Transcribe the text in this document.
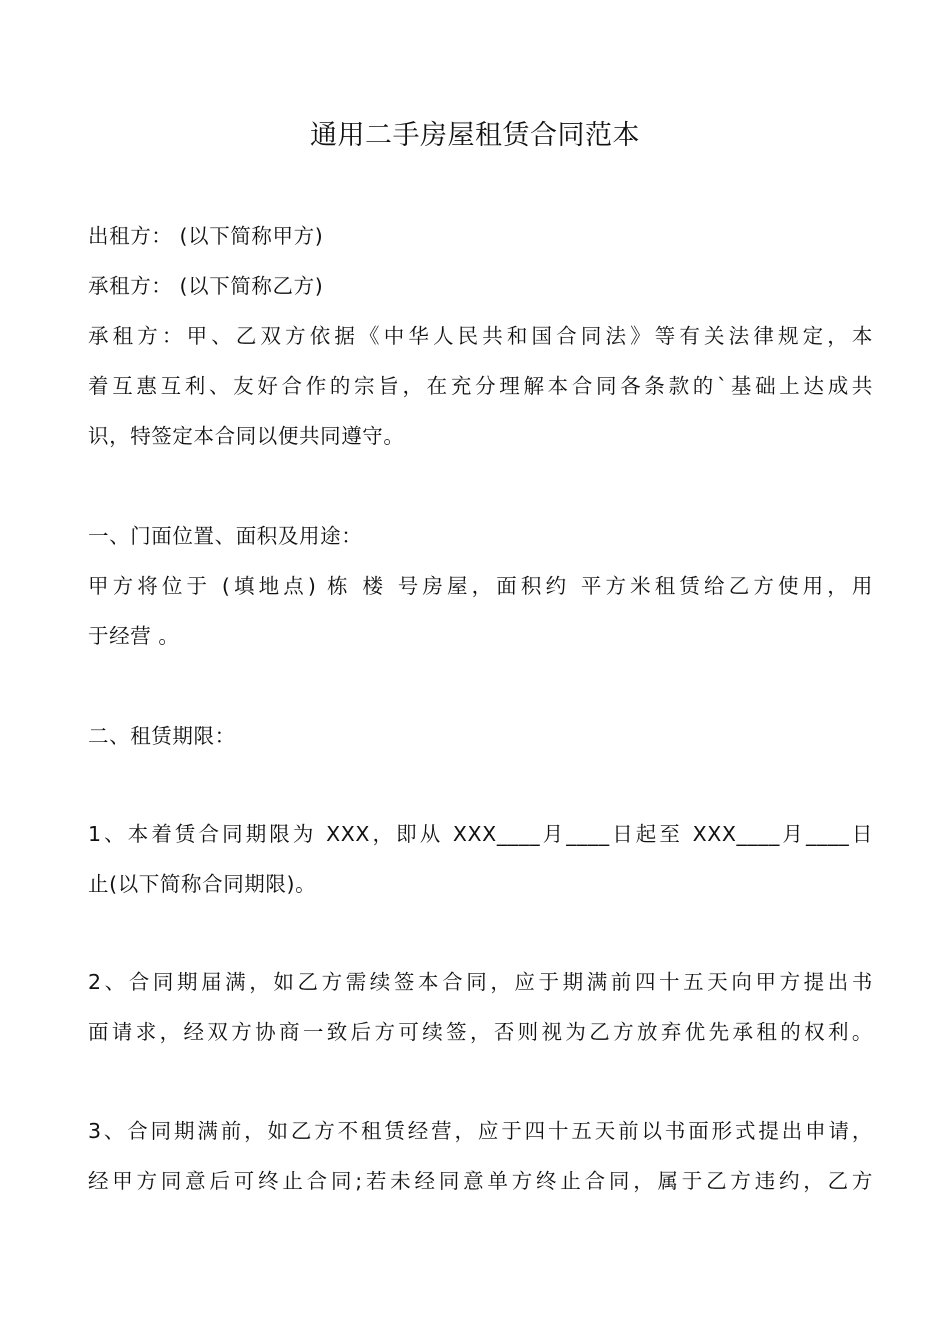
通用二手房屋租赁合同范本
出租方： (以下简称甲方)
承租方： (以下简称乙方)
承租方：甲、乙双方依据《中华人民共和国合同法》等有关法律规定，本
着互惠互利、友好合作的宗旨，在充分理解本合同各条款的`基础上达成共
识，特签定本合同以便共同遵守。
一、门面位置、面积及用途：
甲方将位于 (填地点) 栋 楼 号房屋，面积约 平方米租赁给乙方使用，用
于经营 。
二、租赁期限：
1、本着赁合同期限为 XXX，即从 XXX____月____日起至 XXX____月____日
止(以下简称合同期限)。
2、合同期届满，如乙方需续签本合同，应于期满前四十五天向甲方提出书
面请求，经双方协商一致后方可续签，否则视为乙方放弃优先承租的权利。
3、合同期满前，如乙方不租赁经营，应于四十五天前以书面形式提出申请，
经甲方同意后可终止合同;若未经同意单方终止合同，属于乙方违约，乙方
